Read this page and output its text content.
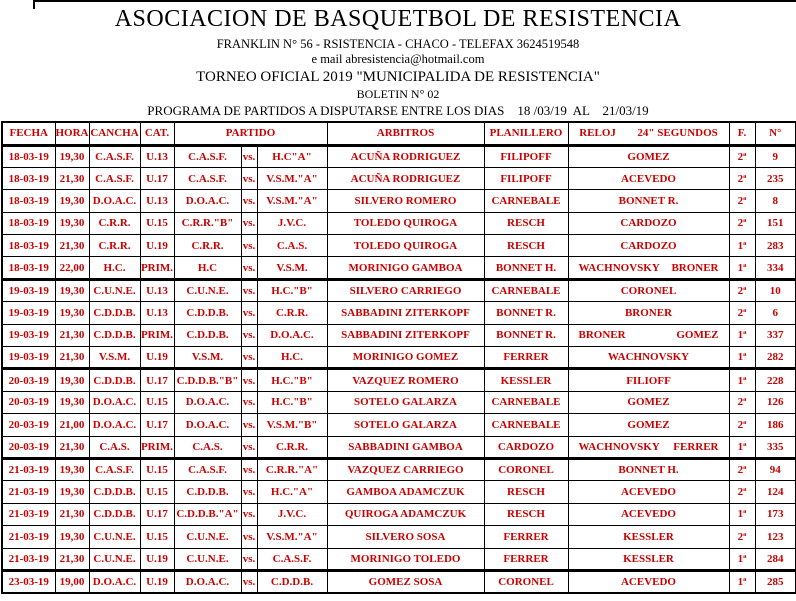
ASOCIACION DE BASQUETBOL DE RESISTENCIA
FRANKLIN N° 56 - RSISTENCIA - CHACO - TELEFAX 3624519548
e mail abresistencia@hotmail.com
TORNEO OFICIAL 2019 "MUNICIPALIDA DE RESISTENCIA"
BOLETIN N° 02
PROGRAMA DE PARTIDOS A DISPUTARSE ENTRE LOS DIAS    18 /03/19  AL    21/03/19
FECHA	HORA	CANCHA	CAT.	PARTIDO			ARBITROS	PLANILLERO	RELOJ 24" SEGUNDOS	F.	N°
18-03-19	19,30	C.A.S.F.	U.13	C.A.S.F.	vs.	H.C"A"	ACUÑA RODRIGUEZ	FILIPOFF	GOMEZ	2ª	9
18-03-19	21,30	C.A.S.F.	U.17	C.A.S.F.	vs.	V.S.M."A"	ACUÑA RODRIGUEZ	FILIPOFF	ACEVEDO	2ª	235
18-03-19	19,30	D.O.A.C.	U.13	D.O.A.C.	vs.	V.S.M."A"	SILVERO ROMERO	CARNEBALE	BONNET R.	2ª	8
18-03-19	19,30	C.R.R.	U.15	C.R.R."B"	vs.	J.V.C.	TOLEDO QUIROGA	RESCH	CARDOZO	2ª	151
18-03-19	21,30	C.R.R.	U.19	C.R.R.	vs.	C.A.S.	TOLEDO QUIROGA	RESCH	CARDOZO	1ª	283
18-03-19	22,00	H.C.	PRIM.	H.C	vs.	V.S.M.	MORINIGO GAMBOA	BONNET H.	WACHNOVSKY BRONER	1ª	334
19-03-19	19,30	C.U.N.E.	U.13	C.U.N.E.	vs.	H.C."B"	SILVERO CARRIEGO	CARNEBALE	CORONEL	2ª	10
19-03-19	19,30	C.D.D.B.	U.13	C.D.D.B.	vs.	C.R.R.	SABBADINI ZITERKOPF	BONNET R.	BRONER	2ª	6
19-03-19	21,30	C.D.D.B.	PRIM.	C.D.D.B.	vs.	D.O.A.C.	SABBADINI ZITERKOPF	BONNET R.	BRONER GOMEZ	1ª	337
19-03-19	21,30	V.S.M.	U.19	V.S.M.	vs.	H.C.	MORINIGO GOMEZ	FERRER	WACHNOVSKY	1ª	282
20-03-19	19,30	C.D.D.B.	U.17	C.D.D.B."B"	vs.	H.C."B"	VAZQUEZ ROMERO	KESSLER	FILIOFF	1ª	228
20-03-19	19,30	D.O.A.C.	U.15	D.O.A.C.	vs.	H.C."B"	SOTELO GALARZA	CARNEBALE	GOMEZ	2ª	126
20-03-19	21,00	D.O.A.C.	U.17	D.O.A.C.	vs.	V.S.M."B"	SOTELO GALARZA	CARNEBALE	GOMEZ	2ª	186
20-03-19	21,30	C.A.S.	PRIM.	C.A.S.	vs.	C.R.R.	SABBADINI GAMBOA	CARDOZO	WACHNOVSKY FERRER	1ª	335
21-03-19	19,30	C.A.S.F.	U.15	C.A.S.F.	vs.	C.R.R."A"	VAZQUEZ CARRIEGO	CORONEL	BONNET H.	2ª	94
21-03-19	19,30	C.D.D.B.	U.15	C.D.D.B.	vs.	H.C."A"	GAMBOA ADAMCZUK	RESCH	ACEVEDO	2ª	124
21-03-19	21,30	C.D.D.B.	U.17	C.D.D.B."A"	vs.	J.V.C.	QUIROGA ADAMCZUK	RESCH	ACEVEDO	1ª	173
21-03-19	19,30	C.U.N.E.	U.15	C.U.N.E.	vs.	V.S.M."A"	SILVERO SOSA	FERRER	KESSLER	2ª	123
21-03-19	21,30	C.U.N.E.	U.19	C.U.N.E.	vs.	C.A.S.F.	MORINIGO TOLEDO	FERRER	KESSLER	1ª	284
23-03-19	19,00	D.O.A.C.	U.19	D.O.A.C.	vs.	C.D.D.B.	GOMEZ SOSA	CORONEL	ACEVEDO	1ª	285
